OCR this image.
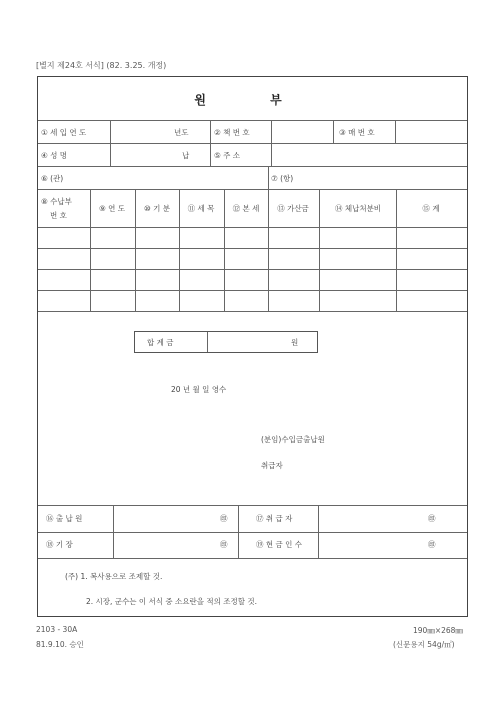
[별지 제24호 서식] (82. 3.25. 개정)
원 부
① 세 입 연 도	년도	② 책 번 호	③ 매 번 호
④ 성 명	납	⑤ 주 소
⑥ (관)	⑦ (항)
⑧ 수납부
번 호
⑨ 연 도	⑩ 기 분 ⑪ 세 목 ⑫ 본 세 ⑬ 가산금	⑭ 체납처분비	⑮ 계
합 계 금	원
20 년 월 일 영수
(분임)수입금출납원
취급자
⑯ 출 납 원	㊞	⑰ 취 급 자	㊞
⑱ 기 장	㊞	⑲ 현 금 인 수	㊞
(주) 1. 복사용으로 조제할 것.
2. 시장, 군수는 이 서식 중 소요란을 적의 조정할 것.
2103 - 30A
81.9.10. 승인
190㎜×268㎜
(신문용지 54g/㎡)
